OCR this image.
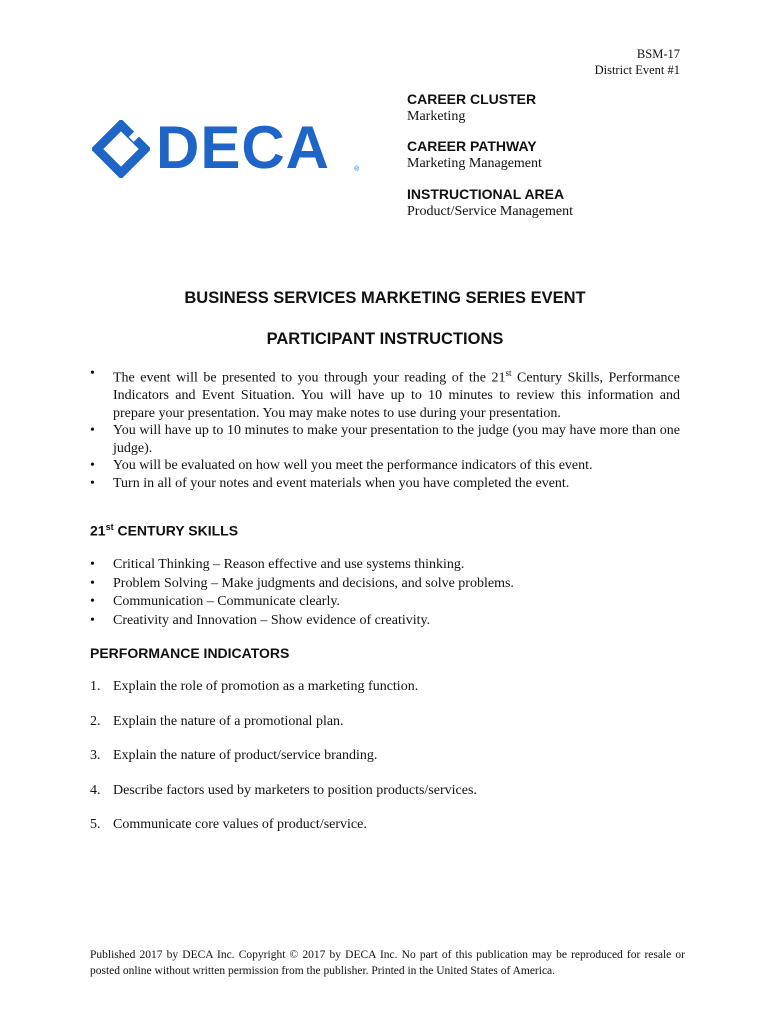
BSM-17
District Event #1
DECA	®
CAREER CLUSTER
Marketing
CAREER PATHWAY
Marketing Management
INSTRUCTIONAL AREA
Product/Service Management
BUSINESS SERVICES MARKETING SERIES EVENT
PARTICIPANT INSTRUCTIONS
• The event will be presented to you through your reading of the 21st Century Skills, Performance Indicators and Event Situation. You will have up to 10 minutes to review this information and prepare your presentation. You may make notes to use during your presentation.
• You will have up to 10 minutes to make your presentation to the judge (you may have more than one judge).
• You will be evaluated on how well you meet the performance indicators of this event.
• Turn in all of your notes and event materials when you have completed the event.
21st CENTURY SKILLS
• Critical Thinking – Reason effective and use systems thinking.
• Problem Solving – Make judgments and decisions, and solve problems.
• Communication – Communicate clearly.
• Creativity and Innovation – Show evidence of creativity.
PERFORMANCE INDICATORS
1. Explain the role of promotion as a marketing function.
2. Explain the nature of a promotional plan.
3. Explain the nature of product/service branding.
4. Describe factors used by marketers to position products/services.
5. Communicate core values of product/service.
Published 2017 by DECA Inc. Copyright © 2017 by DECA Inc. No part of this publication may be reproduced for resale or posted online without written permission from the publisher. Printed in the United States of America.
